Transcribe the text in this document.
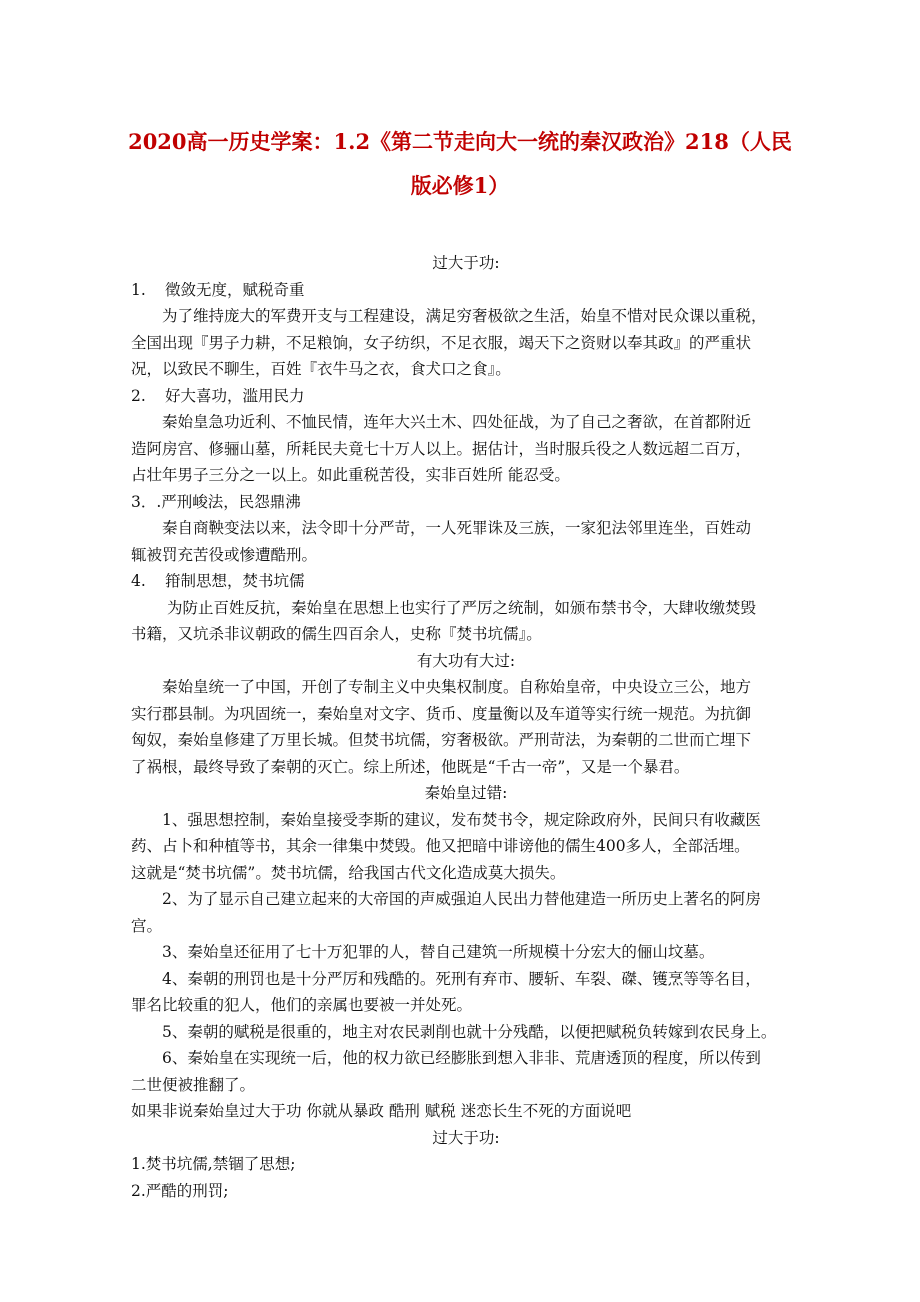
2020高一历史学案：1.2《第二节走向大一统的秦汉政治》218（人民
版必修1）
过大于功:
1. 徵敛无度，赋税奇重
为了维持庞大的军费开支与工程建设，满足穷奢极欲之生活，始皇不惜对民众课以重税，
全国出现『男子力耕，不足粮饷，女子纺织，不足衣服，竭天下之资财以奉其政』的严重状
况，以致民不聊生，百姓『衣牛马之衣，食犬口之食』。
2. 好大喜功，滥用民力
秦始皇急功近利、不恤民情，连年大兴土木、四处征战，为了自己之奢欲，在首都附近
造阿房宫、修骊山墓，所耗民夫竟七十万人以上。据估计，当时服兵役之人数远超二百万，
占壮年男子三分之一以上。如此重税苦役，实非百姓所 能忍受。
3．.严刑峻法，民怨鼎沸
秦自商鞅变法以来，法令即十分严苛，一人死罪诛及三族，一家犯法邻里连坐，百姓动
辄被罚充苦役或惨遭酷刑。
4. 箝制思想，焚书坑儒
为防止百姓反抗，秦始皇在思想上也实行了严厉之统制，如颁布禁书令，大肆收缴焚毁
书籍，又坑杀非议朝政的儒生四百余人，史称『焚书坑儒』。
有大功有大过:
秦始皇统一了中国，开创了专制主义中央集权制度。自称始皇帝，中央设立三公，地方
实行郡县制。为巩固统一，秦始皇对文字、货币、度量衡以及车道等实行统一规范。为抗御
匈奴，秦始皇修建了万里长城。但焚书坑儒，穷奢极欲。严刑苛法，为秦朝的二世而亡埋下
了祸根，最终导致了秦朝的灭亡。综上所述，他既是“千古一帝”，又是一个暴君。
秦始皇过错:
1、强思想控制，秦始皇接受李斯的建议，发布焚书令，规定除政府外，民间只有收藏医
药、占卜和种植等书，其余一律集中焚毁。他又把暗中诽谤他的儒生400多人，全部活埋。
这就是“焚书坑儒”。焚书坑儒，给我国古代文化造成莫大损失。
2、为了显示自己建立起来的大帝国的声威强迫人民出力替他建造一所历史上著名的阿房
宫。
3、秦始皇还征用了七十万犯罪的人，替自己建筑一所规模十分宏大的俪山坟墓。
4、秦朝的刑罚也是十分严厉和残酷的。死刑有弃市、腰斩、车裂、磔、镬烹等等名目，
罪名比较重的犯人，他们的亲属也要被一并处死。
5、秦朝的赋税是很重的，地主对农民剥削也就十分残酷，以便把赋税负转嫁到农民身上。
6、秦始皇在实现统一后，他的权力欲已经膨胀到想入非非、荒唐透顶的程度，所以传到
二世便被推翻了。
如果非说秦始皇过大于功 你就从暴政 酷刑 赋税 迷恋长生不死的方面说吧
过大于功:
1.焚书坑儒,禁锢了思想;
2.严酷的刑罚;
